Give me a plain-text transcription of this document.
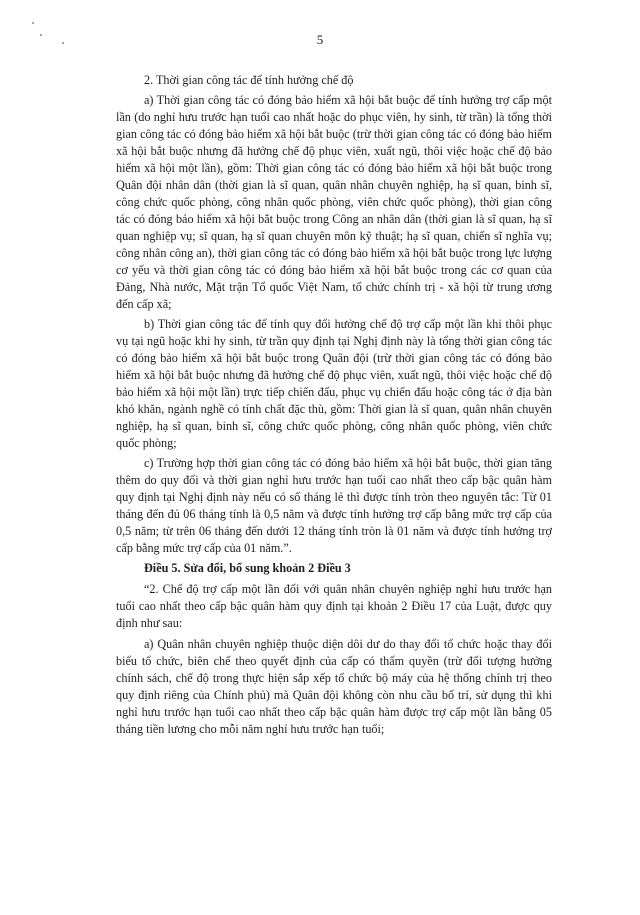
5

2. Thời gian công tác để tính hưởng chế độ

a) Thời gian công tác có đóng bảo hiểm xã hội bắt buộc để tính hưởng trợ cấp một lần (do nghỉ hưu trước hạn tuổi cao nhất hoặc do phục viên, hy sinh, từ trần) là tổng thời gian công tác có đóng bảo hiểm xã hội bắt buộc (trừ thời gian công tác có đóng bảo hiểm xã hội bắt buộc nhưng đã hưởng chế độ phục viên, xuất ngũ, thôi việc hoặc chế độ bảo hiểm xã hội một lần), gồm: Thời gian công tác có đóng bảo hiểm xã hội bắt buộc trong Quân đội nhân dân (thời gian là sĩ quan, quân nhân chuyên nghiệp, hạ sĩ quan, binh sĩ, công chức quốc phòng, công nhân quốc phòng, viên chức quốc phòng), thời gian công tác có đóng bảo hiểm xã hội bắt buộc trong Công an nhân dân (thời gian là sĩ quan, hạ sĩ quan nghiệp vụ; sĩ quan, hạ sĩ quan chuyên môn kỹ thuật; hạ sĩ quan, chiến sĩ nghĩa vụ; công nhân công an), thời gian công tác có đóng bảo hiểm xã hội bắt buộc trong lực lượng cơ yếu và thời gian công tác có đóng bảo hiểm xã hội bắt buộc trong các cơ quan của Đảng, Nhà nước, Mặt trận Tổ quốc Việt Nam, tổ chức chính trị - xã hội từ trung ương đến cấp xã;

b) Thời gian công tác để tính quy đổi hưởng chế độ trợ cấp một lần khi thôi phục vụ tại ngũ hoặc khi hy sinh, từ trần quy định tại Nghị định này là tổng thời gian công tác có đóng bảo hiểm xã hội bắt buộc trong Quân đội (trừ thời gian công tác có đóng bảo hiểm xã hội bắt buộc nhưng đã hưởng chế độ phục viên, xuất ngũ, thôi việc hoặc chế độ bảo hiểm xã hội một lần) trực tiếp chiến đấu, phục vụ chiến đấu hoặc công tác ở địa bàn khó khăn, ngành nghề có tính chất đặc thù, gồm: Thời gian là sĩ quan, quân nhân chuyên nghiệp, hạ sĩ quan, binh sĩ, công chức quốc phòng, công nhân quốc phòng, viên chức quốc phòng;

c) Trường hợp thời gian công tác có đóng bảo hiểm xã hội bắt buộc, thời gian tăng thêm do quy đổi và thời gian nghỉ hưu trước hạn tuổi cao nhất theo cấp bậc quân hàm quy định tại Nghị định này nếu có số tháng lẻ thì được tính tròn theo nguyên tắc: Từ 01 tháng đến đủ 06 tháng tính là 0,5 năm và được tính hưởng trợ cấp bằng mức trợ cấp của 0,5 năm; từ trên 06 tháng đến dưới 12 tháng tính tròn là 01 năm và được tính hưởng trợ cấp bằng mức trợ cấp của 01 năm.”.

Điều 5. Sửa đổi, bổ sung khoản 2 Điều 3

“2. Chế độ trợ cấp một lần đối với quân nhân chuyên nghiệp nghỉ hưu trước hạn tuổi cao nhất theo cấp bậc quân hàm quy định tại khoản 2 Điều 17 của Luật, được quy định như sau:

a) Quân nhân chuyên nghiệp thuộc diện dôi dư do thay đổi tổ chức hoặc thay đổi biểu tổ chức, biên chế theo quyết định của cấp có thẩm quyền (trừ đối tượng hưởng chính sách, chế độ trong thực hiện sắp xếp tổ chức bộ máy của hệ thống chính trị theo quy định riêng của Chính phủ) mà Quân đội không còn nhu cầu bố trí, sử dụng thì khi nghỉ hưu trước hạn tuổi cao nhất theo cấp bậc quân hàm được trợ cấp một lần bằng 05 tháng tiền lương cho mỗi năm nghỉ hưu trước hạn tuổi;
